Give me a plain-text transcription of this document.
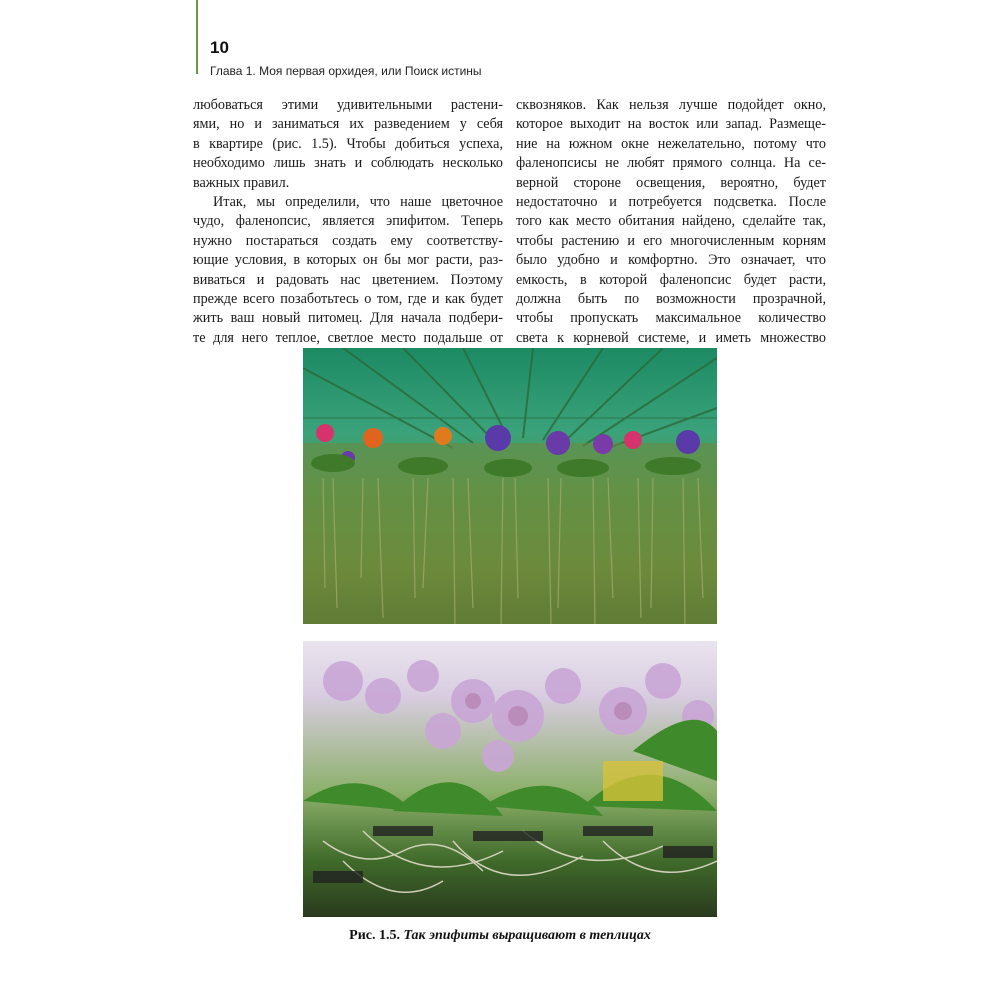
10
Глава 1. Моя первая орхидея, или Поиск истины
любоваться этими удивительными растени-
ями, но и заниматься их разведением у себя
в квартире (рис. 1.5). Чтобы добиться успеха,
необходимо лишь знать и соблюдать несколько
важных правил.
Итак, мы определили, что наше цветочное
чудо, фаленопсис, является эпифитом. Теперь
нужно постараться создать ему соответству-
ющие условия, в которых он бы мог расти, раз-
виваться и радовать нас цветением. Поэтому
прежде всего позаботьтесь о том, где и как будет
жить ваш новый питомец. Для начала подбери-
те для него теплое, светлое место подальше от
сквозняков. Как нельзя лучше подойдет окно,
которое выходит на восток или запад. Размеще-
ние на южном окне нежелательно, потому что
фаленопсисы не любят прямого солнца. На се-
верной стороне освещения, вероятно, будет
недостаточно и потребуется подсветка. После
того как место обитания найдено, сделайте так,
чтобы растению и его многочисленным корням
было удобно и комфортно. Это означает, что
емкость, в которой фаленопсис будет расти,
должна быть по возможности прозрачной,
чтобы пропускать максимальное количество
света к корневой системе, и иметь множество
Рис. 1.5. Так эпифиты выращивают в теплицах
